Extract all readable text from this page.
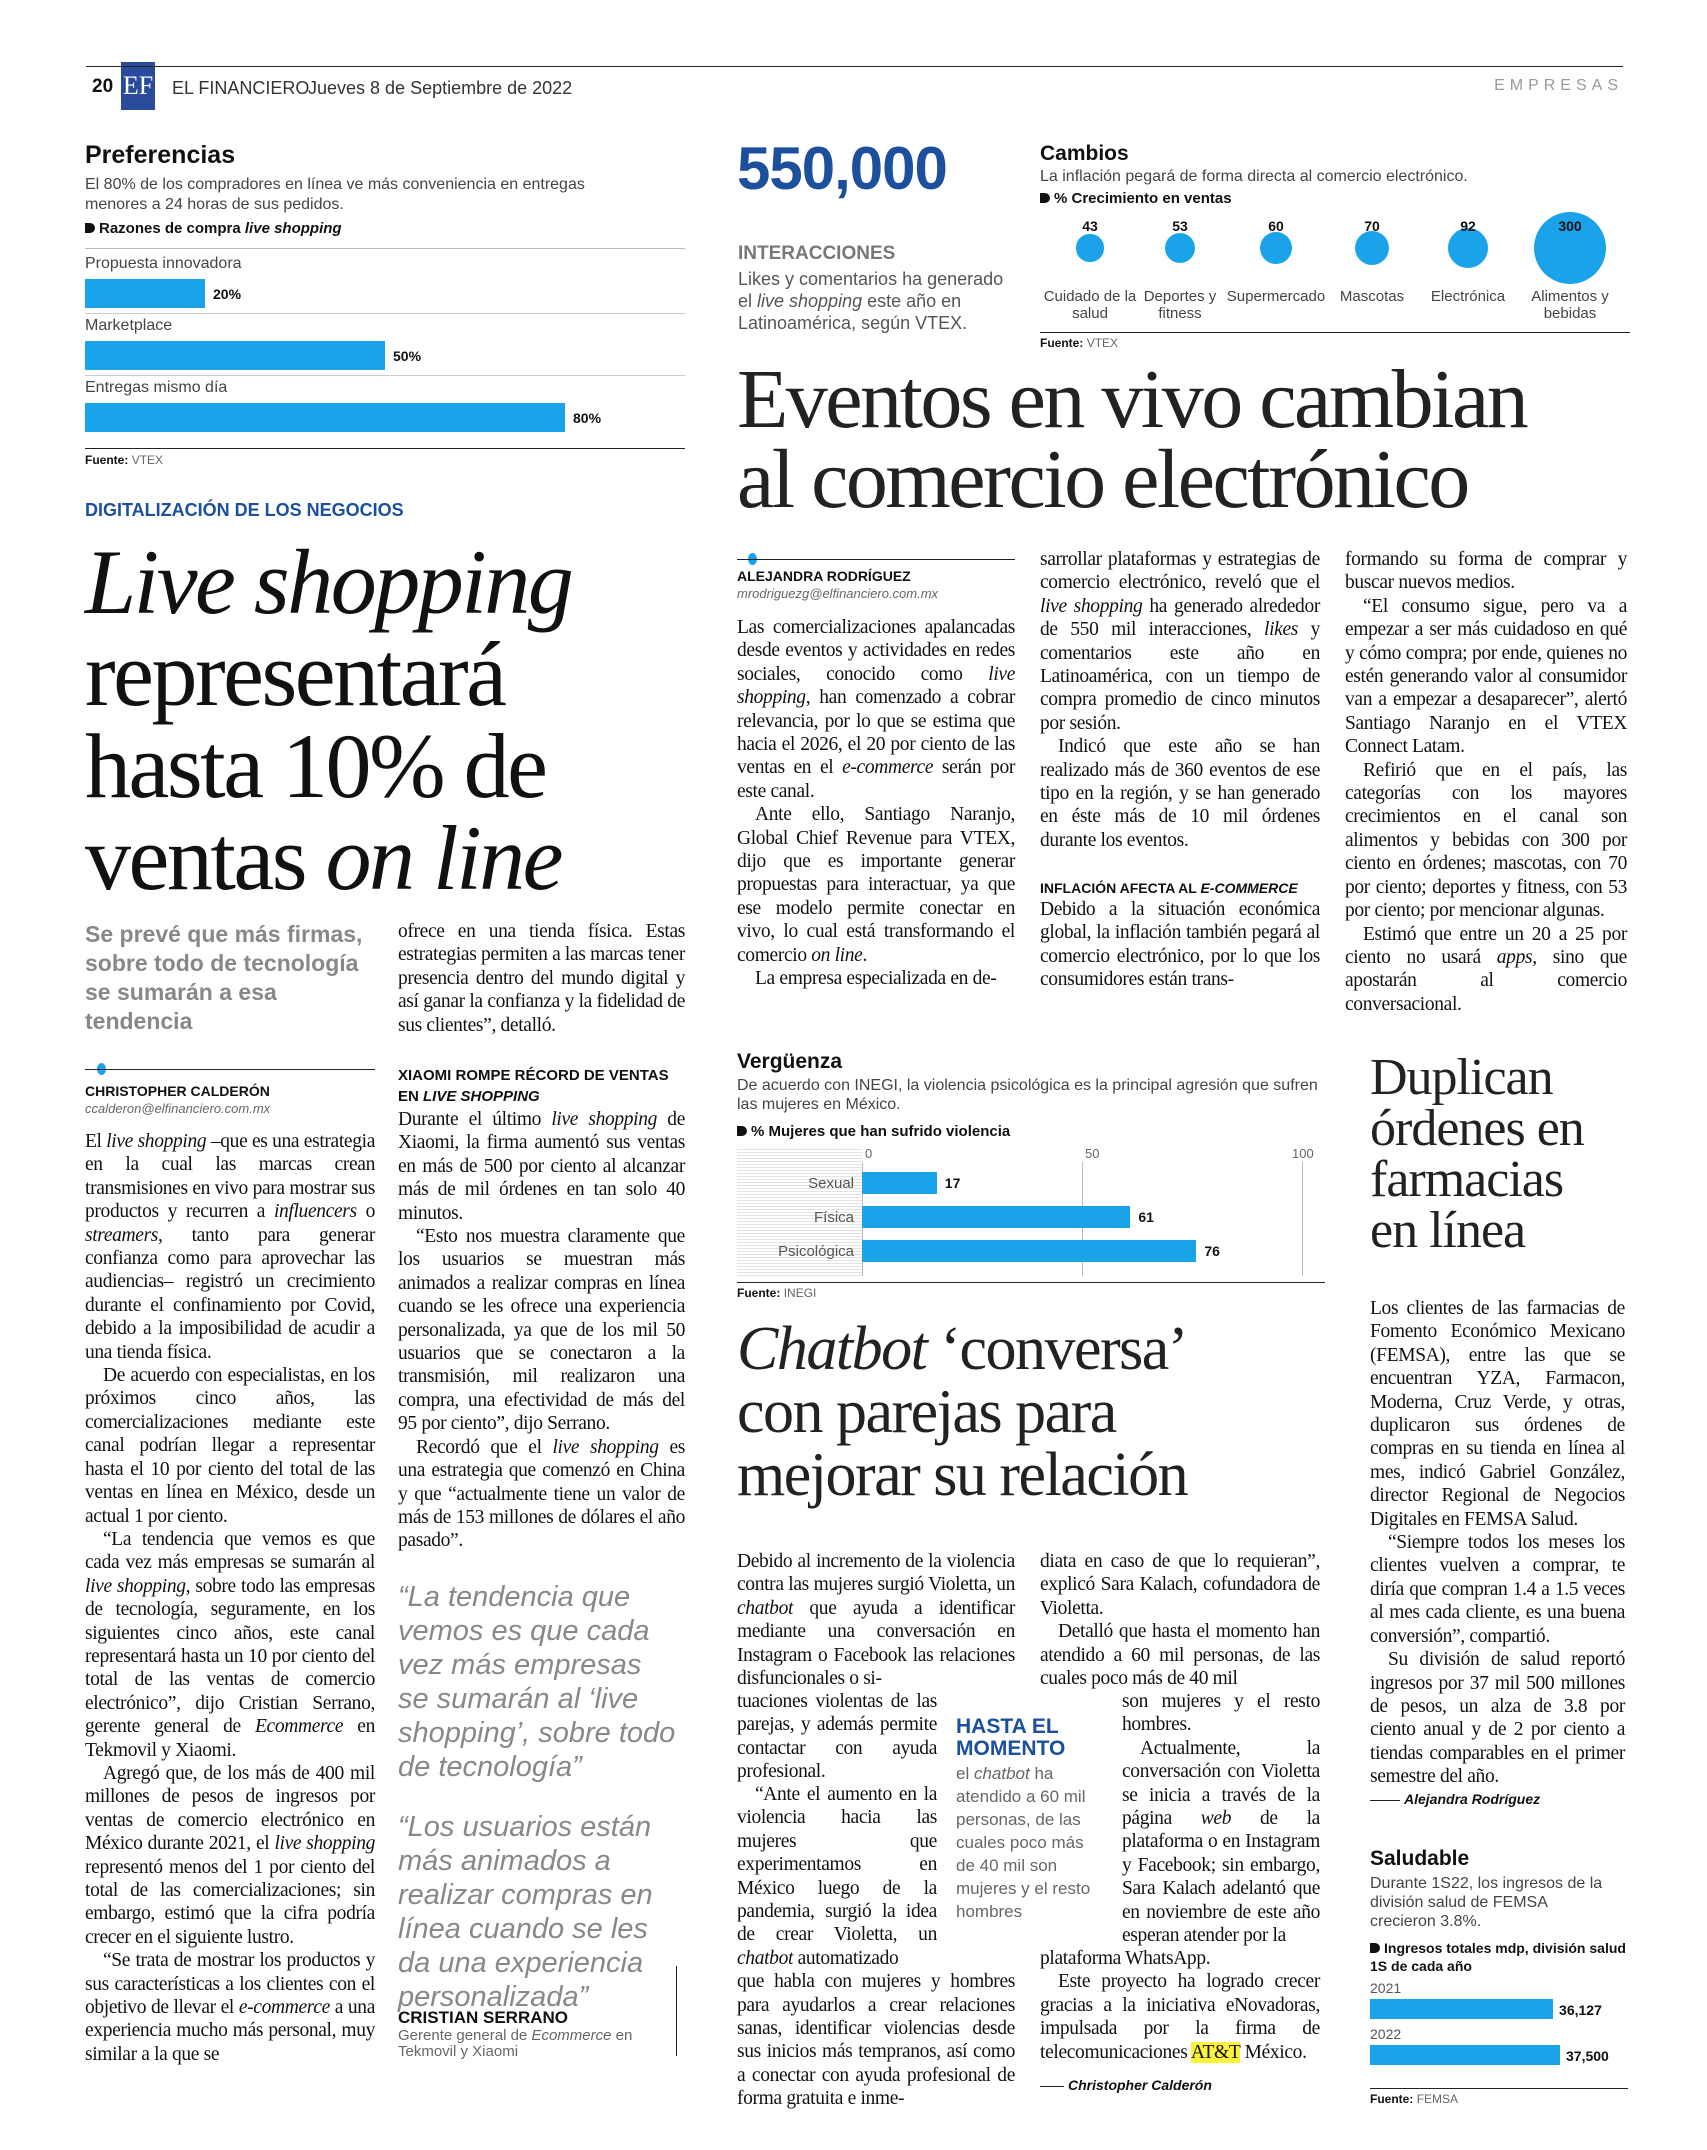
20 EF EL FINANCIERO
Jueves 8 de Septiembre de 2022	EMPRESAS
Preferencias
El 80% de los compradores en línea ve más conveniencia en entregas menores a 24 horas de sus pedidos.
Razones de compra live shopping
Propuesta innovadora
20%
Marketplace
50%
Entregas mismo día
80%
Fuente: VTEX
550,000
INTERACCIONES
Likes y comentarios ha generado el live shopping este año en Latinoamérica, según VTEX.
Cambios
La inflación pegará de forma directa al comercio electrónico.
% Crecimiento en ventas
43
Cuidado de la salud
53
Deportes y fitness
60
Supermercado
70
Mascotas
92
Electrónica
300
Alimentos y bebidas
Fuente: VTEX
Eventos en vivo cambian
al comercio electrónico
DIGITALIZACIÓN DE LOS NEGOCIOS
Live shopping
representará
hasta 10% de
ventas on line
Se prevé que más firmas, sobre todo de tecnología se sumarán a esa tendencia
CHRISTOPHER CALDERÓN
ccalderon@elfinanciero.com.mx

El live shopping –que es una estrategia en la cual las marcas crean transmisiones en vivo para mostrar sus productos y recurren a influencers o streamers, tanto para generar confianza como para aprovechar las audiencias– registró un crecimiento durante el confinamiento por Covid, debido a la imposibilidad de acudir a una tienda física.

De acuerdo con especialistas, en los próximos cinco años, las comercializaciones mediante este canal podrían llegar a representar hasta el 10 por ciento del total de las ventas en línea en México, desde un actual 1 por ciento.

“La tendencia que vemos es que cada vez más empresas se sumarán al live shopping, sobre todo las empresas de tecnología, seguramente, en los siguientes cinco años, este canal representará hasta un 10 por ciento del total de las ventas de comercio electrónico”, dijo Cristian Serrano, gerente general de Ecommerce en Tekmovil y Xiaomi.

Agregó que, de los más de 400 mil millones de pesos de ingresos por ventas de comercio electrónico en México durante 2021, el live shopping representó menos del 1 por ciento del total de las comercializaciones; sin embargo, estimó que la cifra podría crecer en el siguiente lustro.

“Se trata de mostrar los productos y sus características a los clientes con el objetivo de llevar el e-commerce a una experiencia mucho más personal, muy similar a la que se

ofrece en una tienda física. Estas estrategias permiten a las marcas tener presencia dentro del mundo digital y así ganar la confianza y la fidelidad de sus clientes”, detalló.

XIAOMI ROMPE RÉCORD DE VENTAS EN LIVE SHOPPING

Durante el último live shopping de Xiaomi, la firma aumentó sus ventas en más de 500 por ciento al alcanzar más de mil órdenes en tan solo 40 minutos.

“Esto nos muestra claramente que los usuarios se muestran más animados a realizar compras en línea cuando se les ofrece una experiencia personalizada, ya que de los mil 50 usuarios que se conectaron a la transmisión, mil realizaron una compra, una efectividad de más del 95 por ciento”, dijo Serrano.

Recordó que el live shopping es una estrategia que comenzó en China y que “actualmente tiene un valor de más de 153 millones de dólares el año pasado”.

“La tendencia que vemos es que cada vez más empresas se sumarán al ‘live shopping’, sobre todo de tecnología”
“Los usuarios están más animados a realizar compras en línea cuando se les da una experiencia personalizada”
CRISTIAN SERRANO
Gerente general de Ecommerce en Tekmovil y Xiaomi
ALEJANDRA RODRÍGUEZ
mrodriguezg@elfinanciero.com.mx

Las comercializaciones apalancadas desde eventos y actividades en redes sociales, conocido como live shopping, han comenzado a cobrar relevancia, por lo que se estima que hacia el 2026, el 20 por ciento de las ventas en el e-commerce serán por este canal.

Ante ello, Santiago Naranjo, Global Chief Revenue para VTEX, dijo que es importante generar propuestas para interactuar, ya que ese modelo permite conectar en vivo, lo cual está transformando el comercio on line.

La empresa especializada en de-

sarrollar plataformas y estrategias de comercio electrónico, reveló que el live shopping ha generado alrededor de 550 mil interacciones, likes y comentarios este año en Latinoamérica, con un tiempo de compra promedio de cinco minutos por sesión.

Indicó que este año se han realizado más de 360 eventos de ese tipo en la región, y se han generado en éste más de 10 mil órdenes durante los eventos.

INFLACIÓN AFECTA AL E-COMMERCE

Debido a la situación económica global, la inflación también pegará al comercio electrónico, por lo que los consumidores están trans-

formando su forma de comprar y buscar nuevos medios.

“El consumo sigue, pero va a empezar a ser más cuidadoso en qué y cómo compra; por ende, quienes no estén generando valor al consumidor van a empezar a desaparecer”, alertó Santiago Naranjo en el VTEX Connect Latam.

Refirió que en el país, las categorías con los mayores crecimientos en el canal son alimentos y bebidas con 300 por ciento en órdenes; mascotas, con 70 por ciento; deportes y fitness, con 53 por ciento; por mencionar algunas.

Estimó que entre un 20 a 25 por ciento no usará apps, sino que apostarán al comercio conversacional.

Vergüenza
De acuerdo con INEGI, la violencia psicológica es la principal agresión que sufren las mujeres en México.
% Mujeres que han sufrido violencia
0	50	100
Sexual	17
Física	61
Psicológica	76
Fuente: INEGI
Chatbot ‘conversa’
con parejas para
mejorar su relación

Debido al incremento de la violencia contra las mujeres surgió Violetta, un chatbot que ayuda a identificar mediante una conversación en Instagram o Facebook las relaciones disfuncionales o si-

tuaciones violentas de las parejas, y además permite contactar con ayuda profesional.

“Ante el aumento en la violencia hacia las mujeres que experimentamos en México luego de la pandemia, surgió la idea de crear Violetta, un chatbot automatizado

que habla con mujeres y hombres para ayudarlos a crear relaciones sanas, identificar violencias desde sus inicios más tempranos, así como a conectar con ayuda profesional de forma gratuita e inme-

HASTA EL MOMENTO
el chatbot ha atendido a 60 mil personas, de las cuales poco más de 40 mil son mujeres y el resto hombres

diata en caso de que lo requieran”, explicó Sara Kalach, cofundadora de Violetta.

Detalló que hasta el momento han atendido a 60 mil personas, de las cuales poco más de 40 mil

son mujeres y el resto hombres.

Actualmente, la conversación con Violetta se inicia a través de la página web de la plataforma o en Instagram y Facebook; sin embargo, Sara Kalach adelantó que en noviembre de este año esperan atender por la

plataforma WhatsApp.

Este proyecto ha logrado crecer gracias a la iniciativa eNovadoras, impulsada por la firma de telecomunicaciones AT&T México.

Christopher Calderón
Duplican
órdenes en
farmacias
en línea

Los clientes de las farmacias de Fomento Económico Mexicano (FEMSA), entre las que se encuentran YZA, Farmacon, Moderna, Cruz Verde, y otras, duplicaron sus órdenes de compras en su tienda en línea al mes, indicó Gabriel González, director Regional de Negocios Digitales en FEMSA Salud.

“Siempre todos los meses los clientes vuelven a comprar, te diría que compran 1.4 a 1.5 veces al mes cada cliente, es una buena conversión”, compartió.

Su división de salud reportó ingresos por 37 mil 500 millones de pesos, un alza de 3.8 por ciento anual y de 2 por ciento a tiendas comparables en el primer semestre del año.

Alejandra Rodríguez
Saludable
Durante 1S22, los ingresos de la división salud de FEMSA crecieron 3.8%.
Ingresos totales mdp, división salud 1S de cada año
2021
36,127
2022
37,500
Fuente: FEMSA
